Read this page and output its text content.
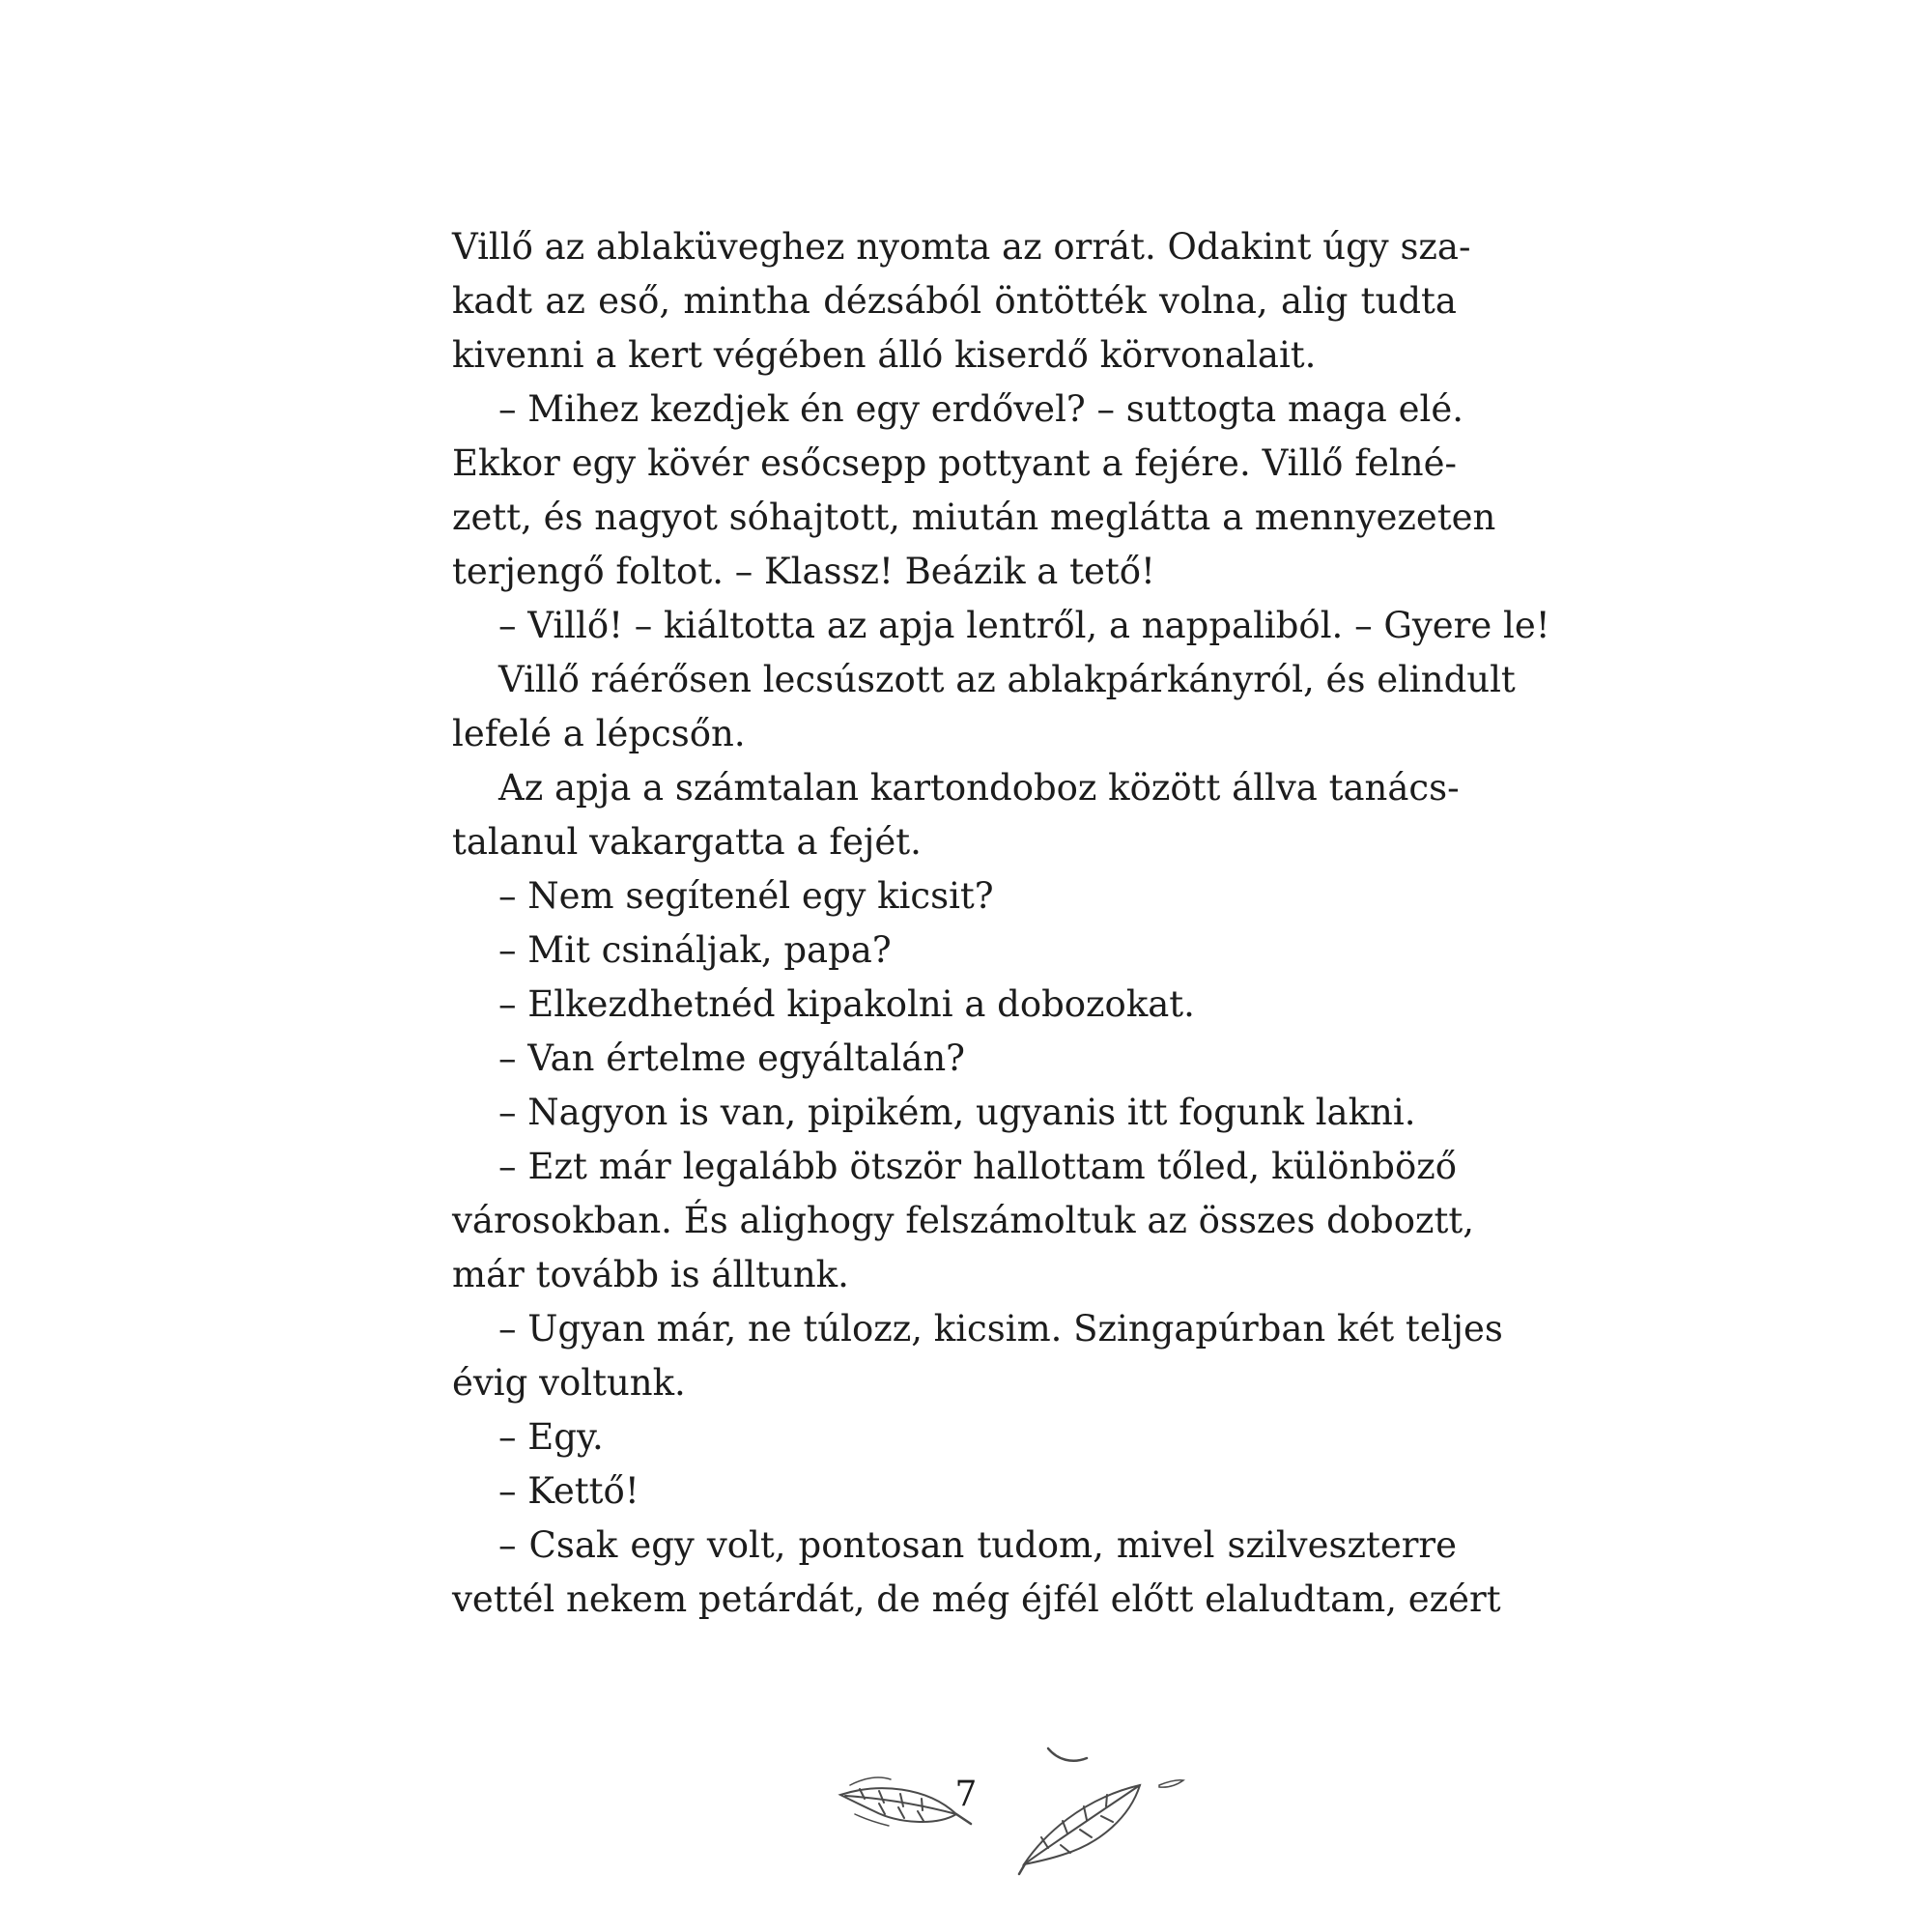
Villő az ablaküveghez nyomta az orrát. Odakint úgy sza-
kadt az eső, mintha dézsából öntötték volna, alig tudta
kivenni a kert végében álló kiserdő körvonalait.
– Mihez kezdjek én egy erdővel? – suttogta maga elé.
Ekkor egy kövér esőcsepp pottyant a fejére. Villő felné-
zett, és nagyot sóhajtott, miután meglátta a mennyezeten
terjengő foltot. – Klassz! Beázik a tető!
– Villő! – kiáltotta az apja lentről, a nappaliból. – Gyere le!
Villő ráérősen lecsúszott az ablakpárkányról, és elindult
lefelé a lépcsőn.
Az apja a számtalan kartondoboz között állva tanács-
talanul vakargatta a fejét.
– Nem segítenél egy kicsit?
– Mit csináljak, papa?
– Elkezdhetnéd kipakolni a dobozokat.
– Van értelme egyáltalán?
– Nagyon is van, pipikém, ugyanis itt fogunk lakni.
– Ezt már legalább ötször hallottam tőled, különböző
városokban. És alighogy felszámoltuk az összes doboztt,
már tovább is álltunk.
– Ugyan már, ne túlozz, kicsim. Szingapúrban két teljes
évig voltunk.
– Egy.
– Kettő!
– Csak egy volt, pontosan tudom, mivel szilveszterre
vettél nekem petárdát, de még éjfél előtt elaludtam, ezért
7
